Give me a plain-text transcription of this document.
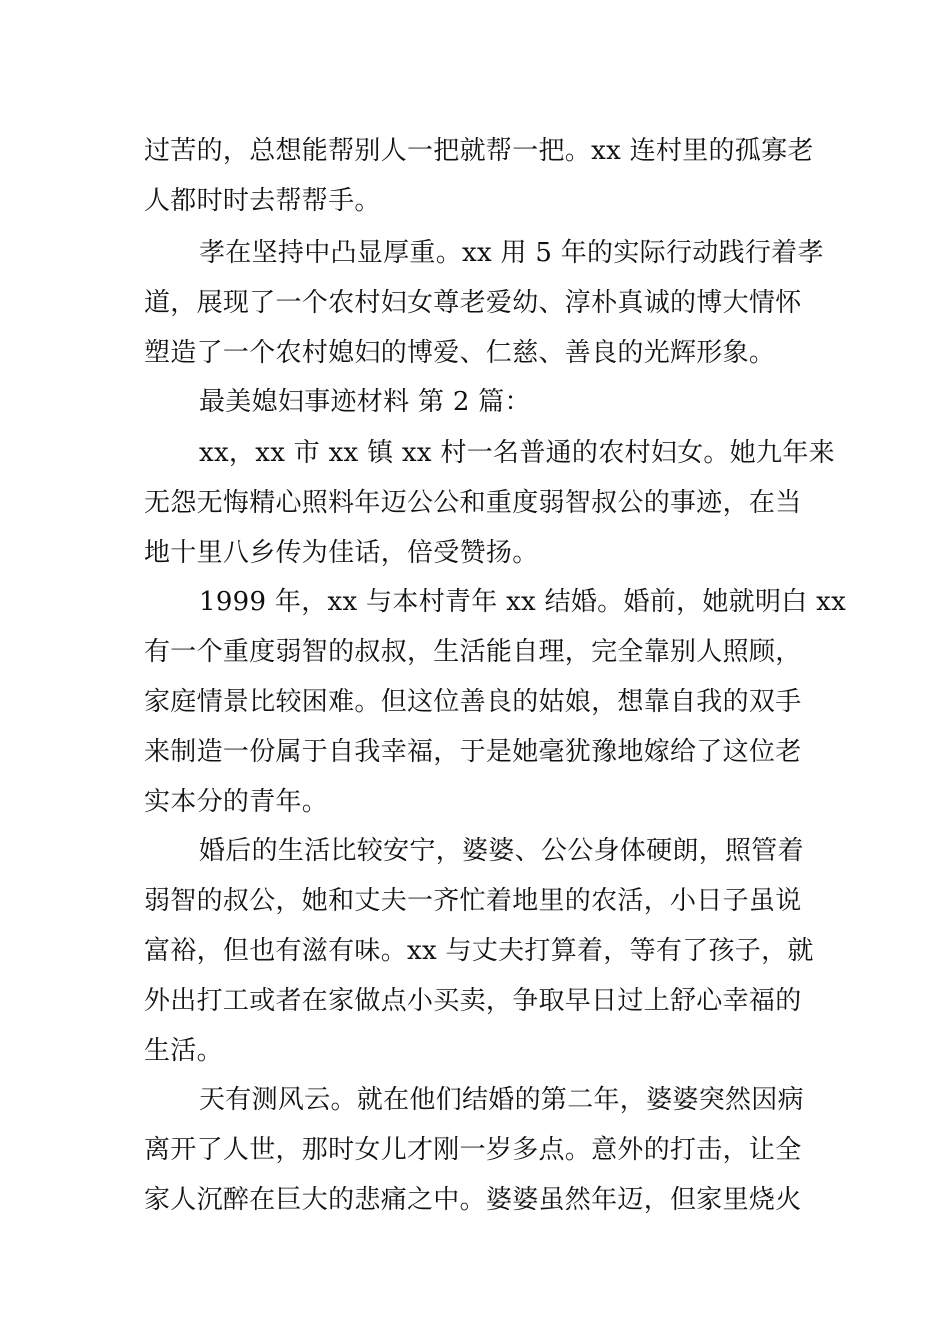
过苦的，总想能帮别人一把就帮一把。xx 连村里的孤寡老
人都时时去帮帮手。
孝在坚持中凸显厚重。xx 用 5 年的实际行动践行着孝
道，展现了一个农村妇女尊老爱幼、淳朴真诚的博大情怀
塑造了一个农村媳妇的博爱、仁慈、善良的光辉形象。
最美媳妇事迹材料 第 2 篇：
xx，xx 市 xx 镇 xx 村一名普通的农村妇女。她九年来
无怨无悔精心照料年迈公公和重度弱智叔公的事迹，在当
地十里八乡传为佳话，倍受赞扬。
1999 年，xx 与本村青年 xx 结婚。婚前，她就明白 xx
有一个重度弱智的叔叔，生活能自理，完全靠别人照顾，
家庭情景比较困难。但这位善良的姑娘，想靠自我的双手
来制造一份属于自我幸福，于是她毫犹豫地嫁给了这位老
实本分的青年。
婚后的生活比较安宁，婆婆、公公身体硬朗，照管着
弱智的叔公，她和丈夫一齐忙着地里的农活，小日子虽说
富裕，但也有滋有味。xx 与丈夫打算着，等有了孩子，就
外出打工或者在家做点小买卖，争取早日过上舒心幸福的
生活。
天有测风云。就在他们结婚的第二年，婆婆突然因病
离开了人世，那时女儿才刚一岁多点。意外的打击，让全
家人沉醉在巨大的悲痛之中。婆婆虽然年迈，但家里烧火
